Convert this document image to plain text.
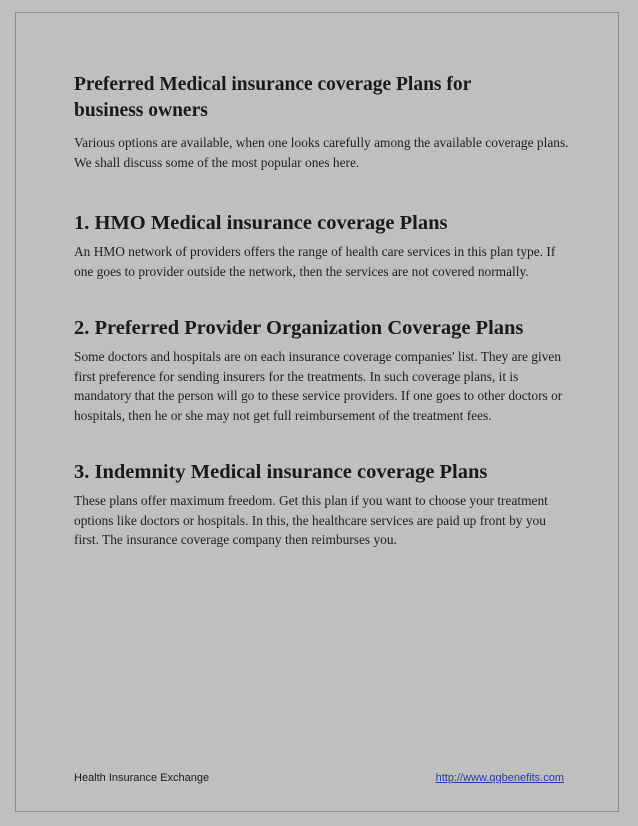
Preferred Medical insurance coverage Plans for
business owners

Various options are available, when one looks carefully among the available coverage plans. We shall discuss some of the most popular ones here.

1. HMO Medical insurance coverage Plans

An HMO network of providers offers the range of health care services in this plan type. If one goes to provider outside the network, then the services are not covered normally.

2. Preferred Provider Organization Coverage Plans

Some doctors and hospitals are on each insurance coverage companies' list. They are given first preference for sending insurers for the treatments. In such coverage plans, it is mandatory that the person will go to these service providers. If one goes to other doctors or hospitals, then he or she may not get full reimbursement of the treatment fees.

3. Indemnity Medical insurance coverage Plans

These plans offer maximum freedom. Get this plan if you want to choose your treatment options like doctors or hospitals. In this, the healthcare services are paid up front by you first. The insurance coverage company then reimburses you.

Health Insurance Exchange	http://www.qqbenefits.com
